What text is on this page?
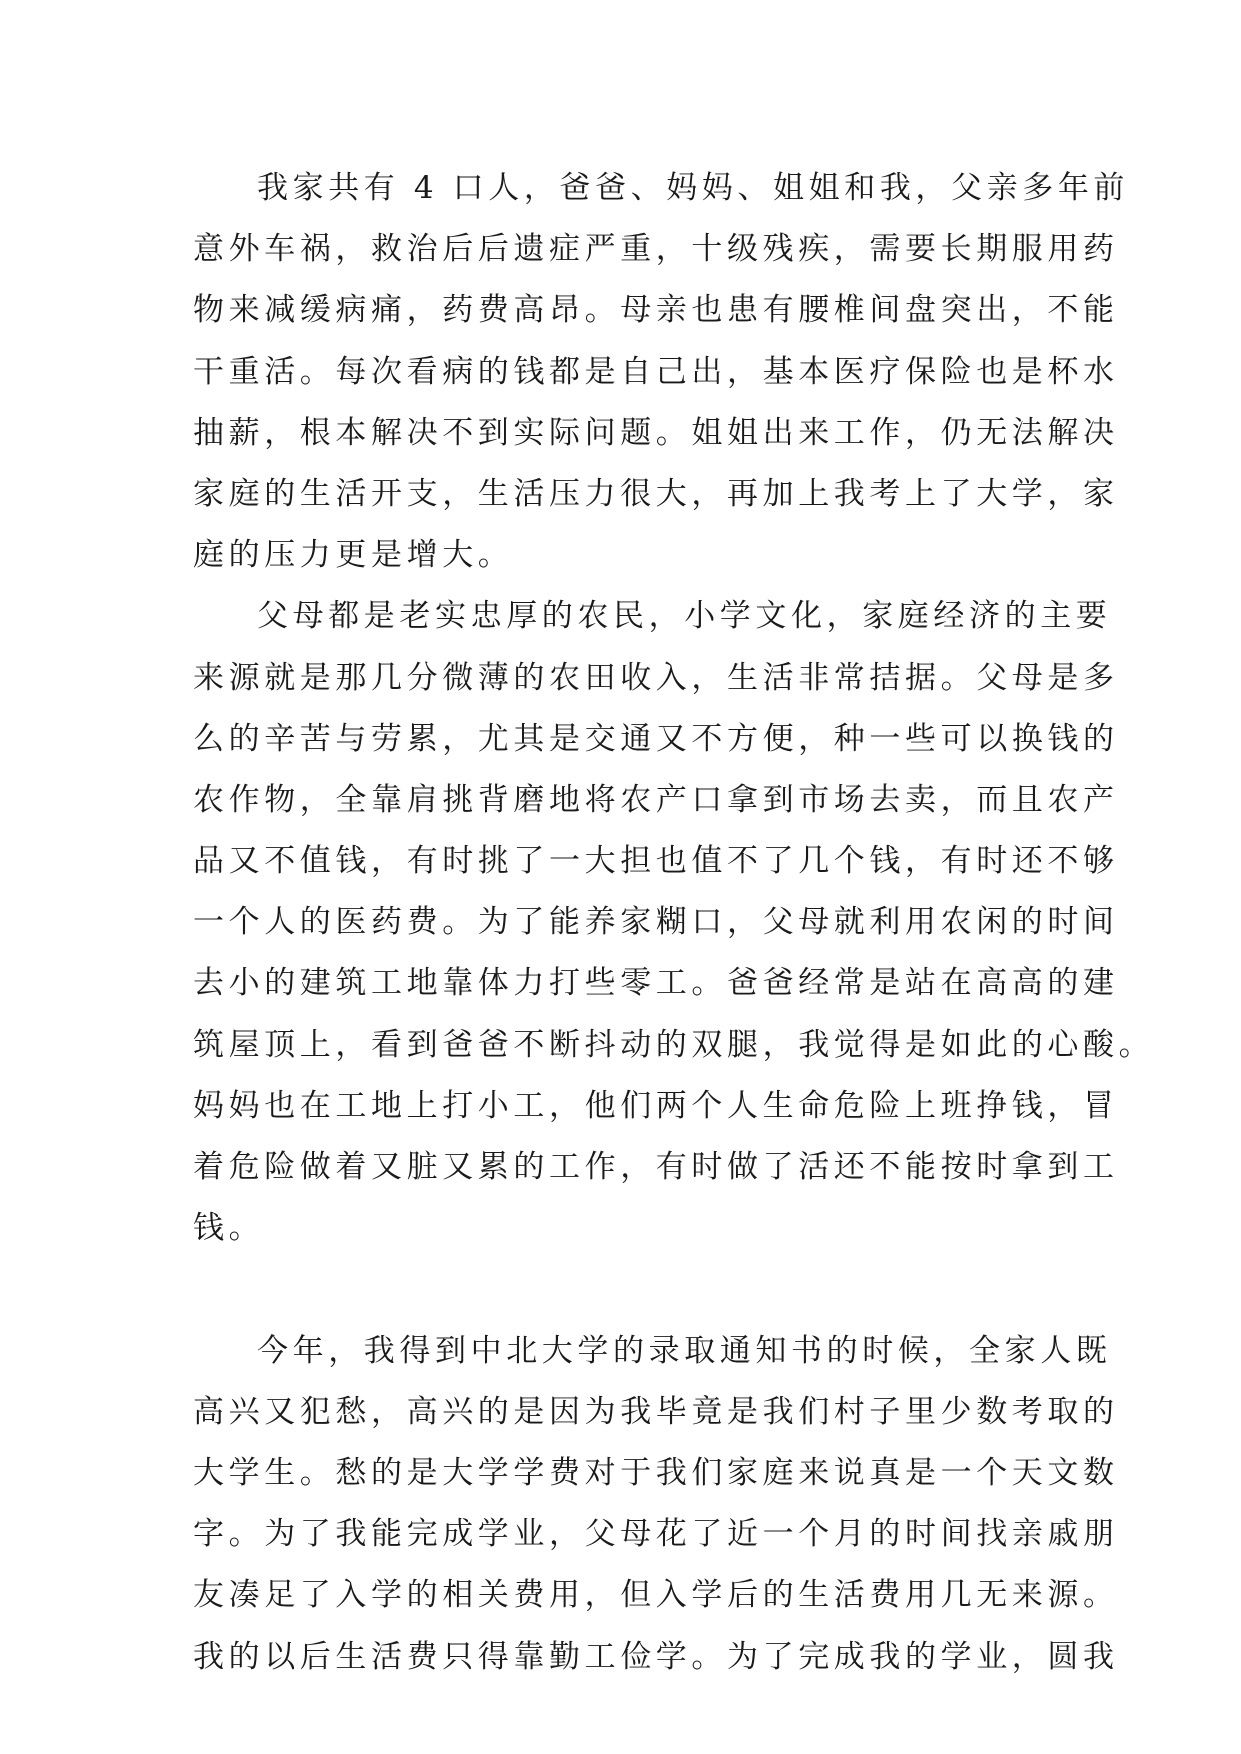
我家共有 4 口人，爸爸、妈妈、姐姐和我，父亲多年前
意外车祸，救治后后遗症严重，十级残疾，需要长期服用药
物来减缓病痛，药费高昂。母亲也患有腰椎间盘突出，不能
干重活。每次看病的钱都是自己出，基本医疗保险也是杯水
抽薪，根本解决不到实际问题。姐姐出来工作，仍无法解决
家庭的生活开支，生活压力很大，再加上我考上了大学，家
庭的压力更是增大。
父母都是老实忠厚的农民，小学文化，家庭经济的主要
来源就是那几分微薄的农田收入，生活非常拮据。父母是多
么的辛苦与劳累，尤其是交通又不方便，种一些可以换钱的
农作物，全靠肩挑背磨地将农产口拿到市场去卖，而且农产
品又不值钱，有时挑了一大担也值不了几个钱，有时还不够
一个人的医药费。为了能养家糊口，父母就利用农闲的时间
去小的建筑工地靠体力打些零工。爸爸经常是站在高高的建
筑屋顶上，看到爸爸不断抖动的双腿，我觉得是如此的心酸。
妈妈也在工地上打小工，他们两个人生命危险上班挣钱，冒
着危险做着又脏又累的工作，有时做了活还不能按时拿到工
钱。
今年，我得到中北大学的录取通知书的时候，全家人既
高兴又犯愁，高兴的是因为我毕竟是我们村子里少数考取的
大学生。愁的是大学学费对于我们家庭来说真是一个天文数
字。为了我能完成学业，父母花了近一个月的时间找亲戚朋
友凑足了入学的相关费用，但入学后的生活费用几无来源。
我的以后生活费只得靠勤工俭学。为了完成我的学业，圆我
